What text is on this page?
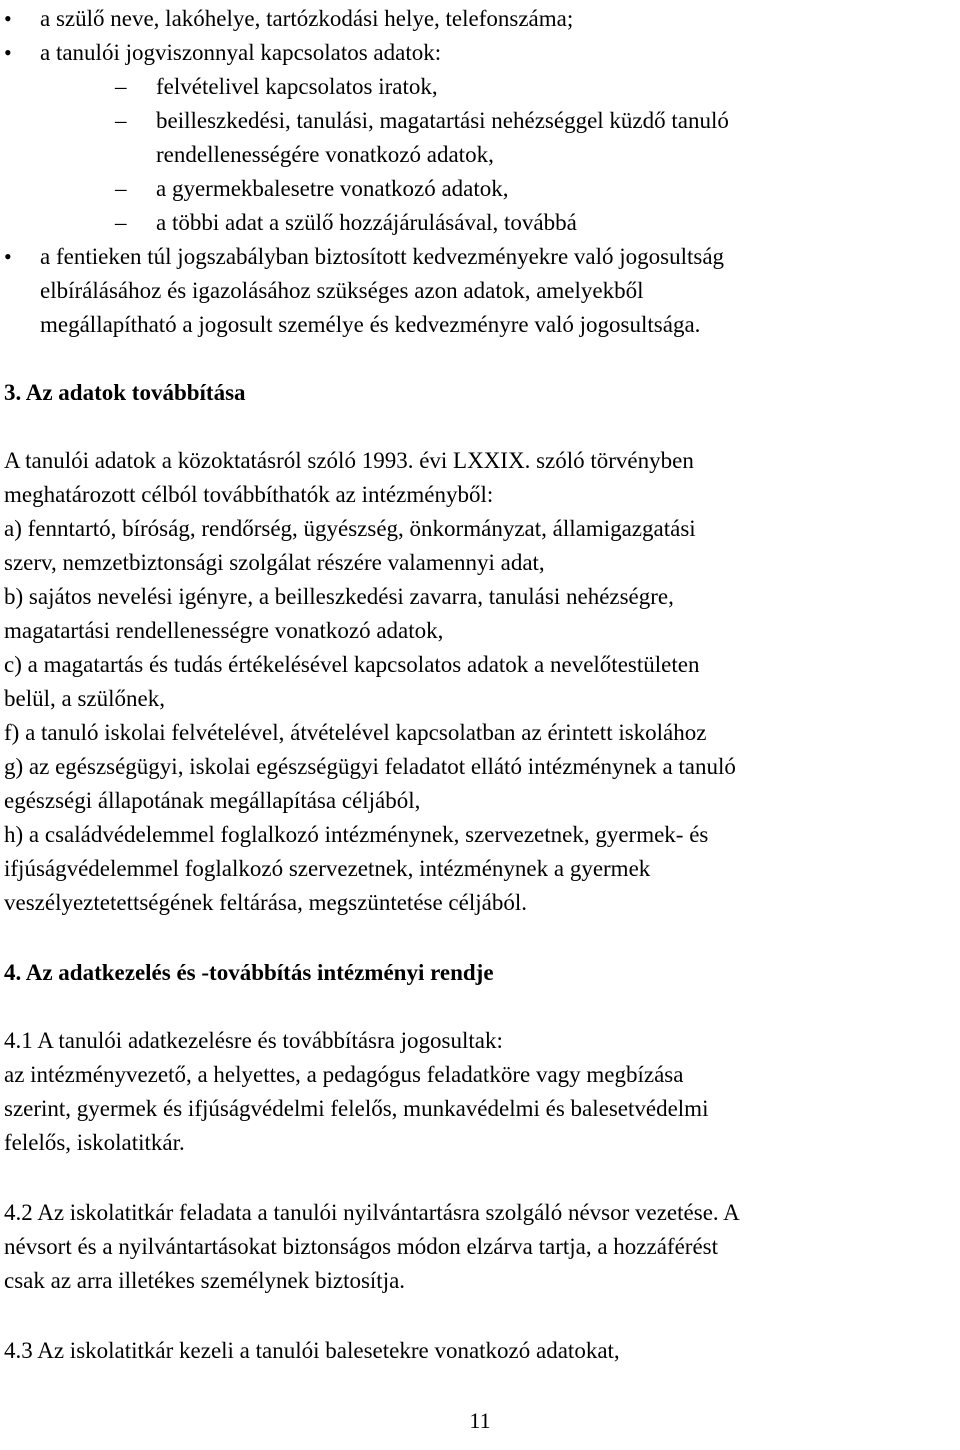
• a szülő neve, lakóhelye, tartózkodási helye, telefonszáma;
• a tanulói jogviszonnyal kapcsolatos adatok:
– felvételivel kapcsolatos iratok,
– beilleszkedési, tanulási, magatartási nehézséggel küzdő tanuló
rendellenességére vonatkozó adatok,
– a gyermekbalesetre vonatkozó adatok,
– a többi adat a szülő hozzájárulásával, továbbá
• a fentieken túl jogszabályban biztosított kedvezményekre való jogosultság
elbírálásához és igazolásához szükséges azon adatok, amelyekből
megállapítható a jogosult személye és kedvezményre való jogosultsága.
3. Az adatok továbbítása
A tanulói adatok a közoktatásról szóló 1993. évi LXXIX. szóló törvényben
meghatározott célból továbbíthatók az intézményből:
a) fenntartó, bíróság, rendőrség, ügyészség, önkormányzat, államigazgatási
szerv, nemzetbiztonsági szolgálat részére valamennyi adat,
b) sajátos nevelési igényre, a beilleszkedési zavarra, tanulási nehézségre,
magatartási rendellenességre vonatkozó adatok,
c) a magatartás és tudás értékelésével kapcsolatos adatok a nevelőtestületen
belül, a szülőnek,
f) a tanuló iskolai felvételével, átvételével kapcsolatban az érintett iskolához
g) az egészségügyi, iskolai egészségügyi feladatot ellátó intézménynek a tanuló
egészségi állapotának megállapítása céljából,
h) a családvédelemmel foglalkozó intézménynek, szervezetnek, gyermek- és
ifjúságvédelemmel foglalkozó szervezetnek, intézménynek a gyermek
veszélyeztetettségének feltárása, megszüntetése céljából.
4. Az adatkezelés és -továbbítás intézményi rendje
4.1 A tanulói adatkezelésre és továbbításra jogosultak:
az intézményvezető, a helyettes, a pedagógus feladatköre vagy megbízása
szerint, gyermek és ifjúságvédelmi felelős, munkavédelmi és balesetvédelmi
felelős, iskolatitkár.
4.2 Az iskolatitkár feladata a tanulói nyilvántartásra szolgáló névsor vezetése. A
névsort és a nyilvántartásokat biztonságos módon elzárva tartja, a hozzáférést
csak az arra illetékes személynek biztosítja.
4.3 Az iskolatitkár kezeli a tanulói balesetekre vonatkozó adatokat,
11
